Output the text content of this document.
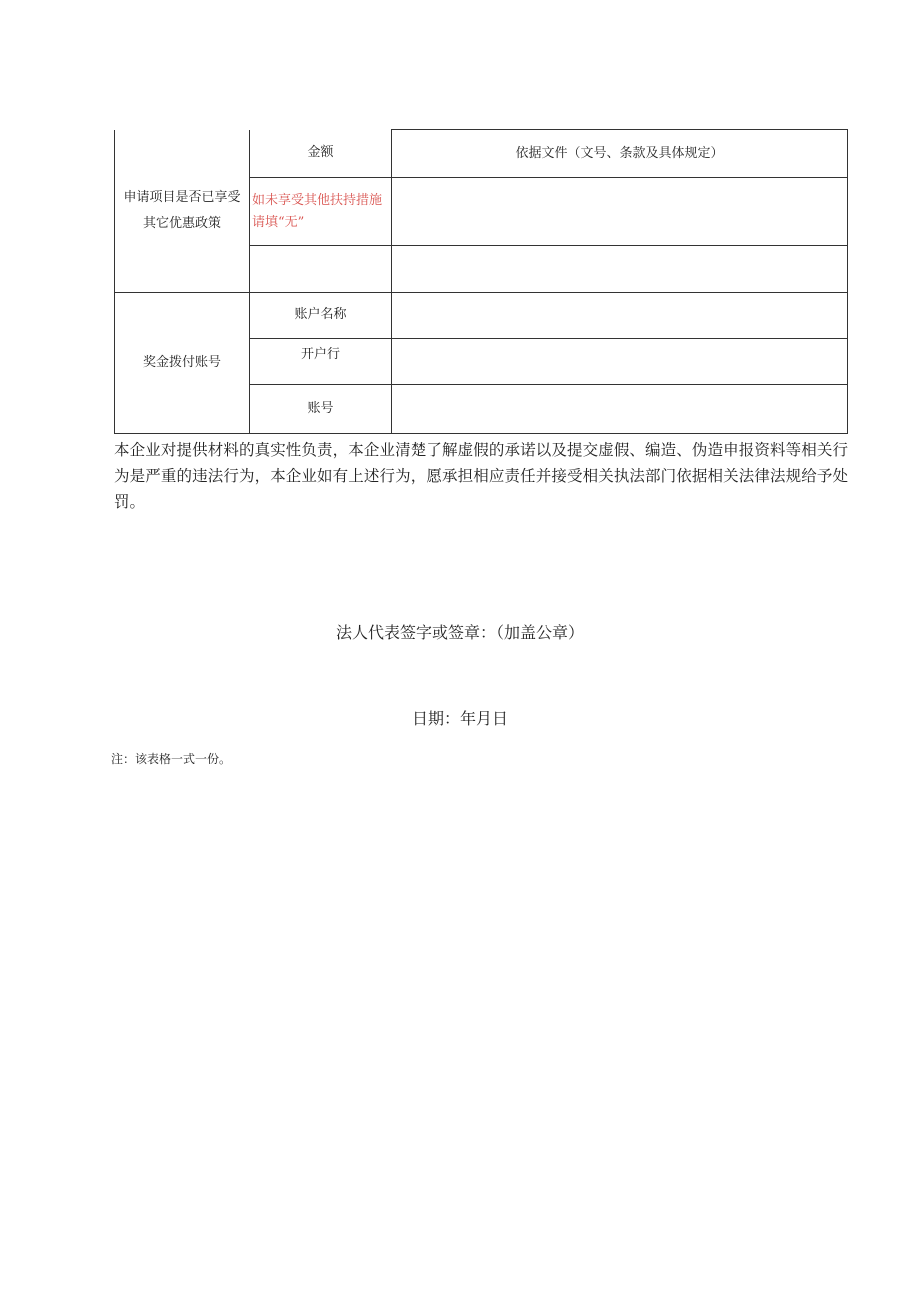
申请项目是否已享受其它优惠政策	金额	依据文件（文号、条款及具体规定）

	如未享受其他扶持措施请填“无”	

奖金拨付账号	账户名称	
	开户行	
	账号	

本企业对提供材料的真实性负责，本企业清楚了解虚假的承诺以及提交虚假、编造、伪造申报资料等相关行为是严重的违法行为，本企业如有上述行为，愿承担相应责任并接受相关执法部门依据相关法律法规给予处罚。

法人代表签字或签章：（加盖公章）
日期：年月日
注：该表格一式一份。
